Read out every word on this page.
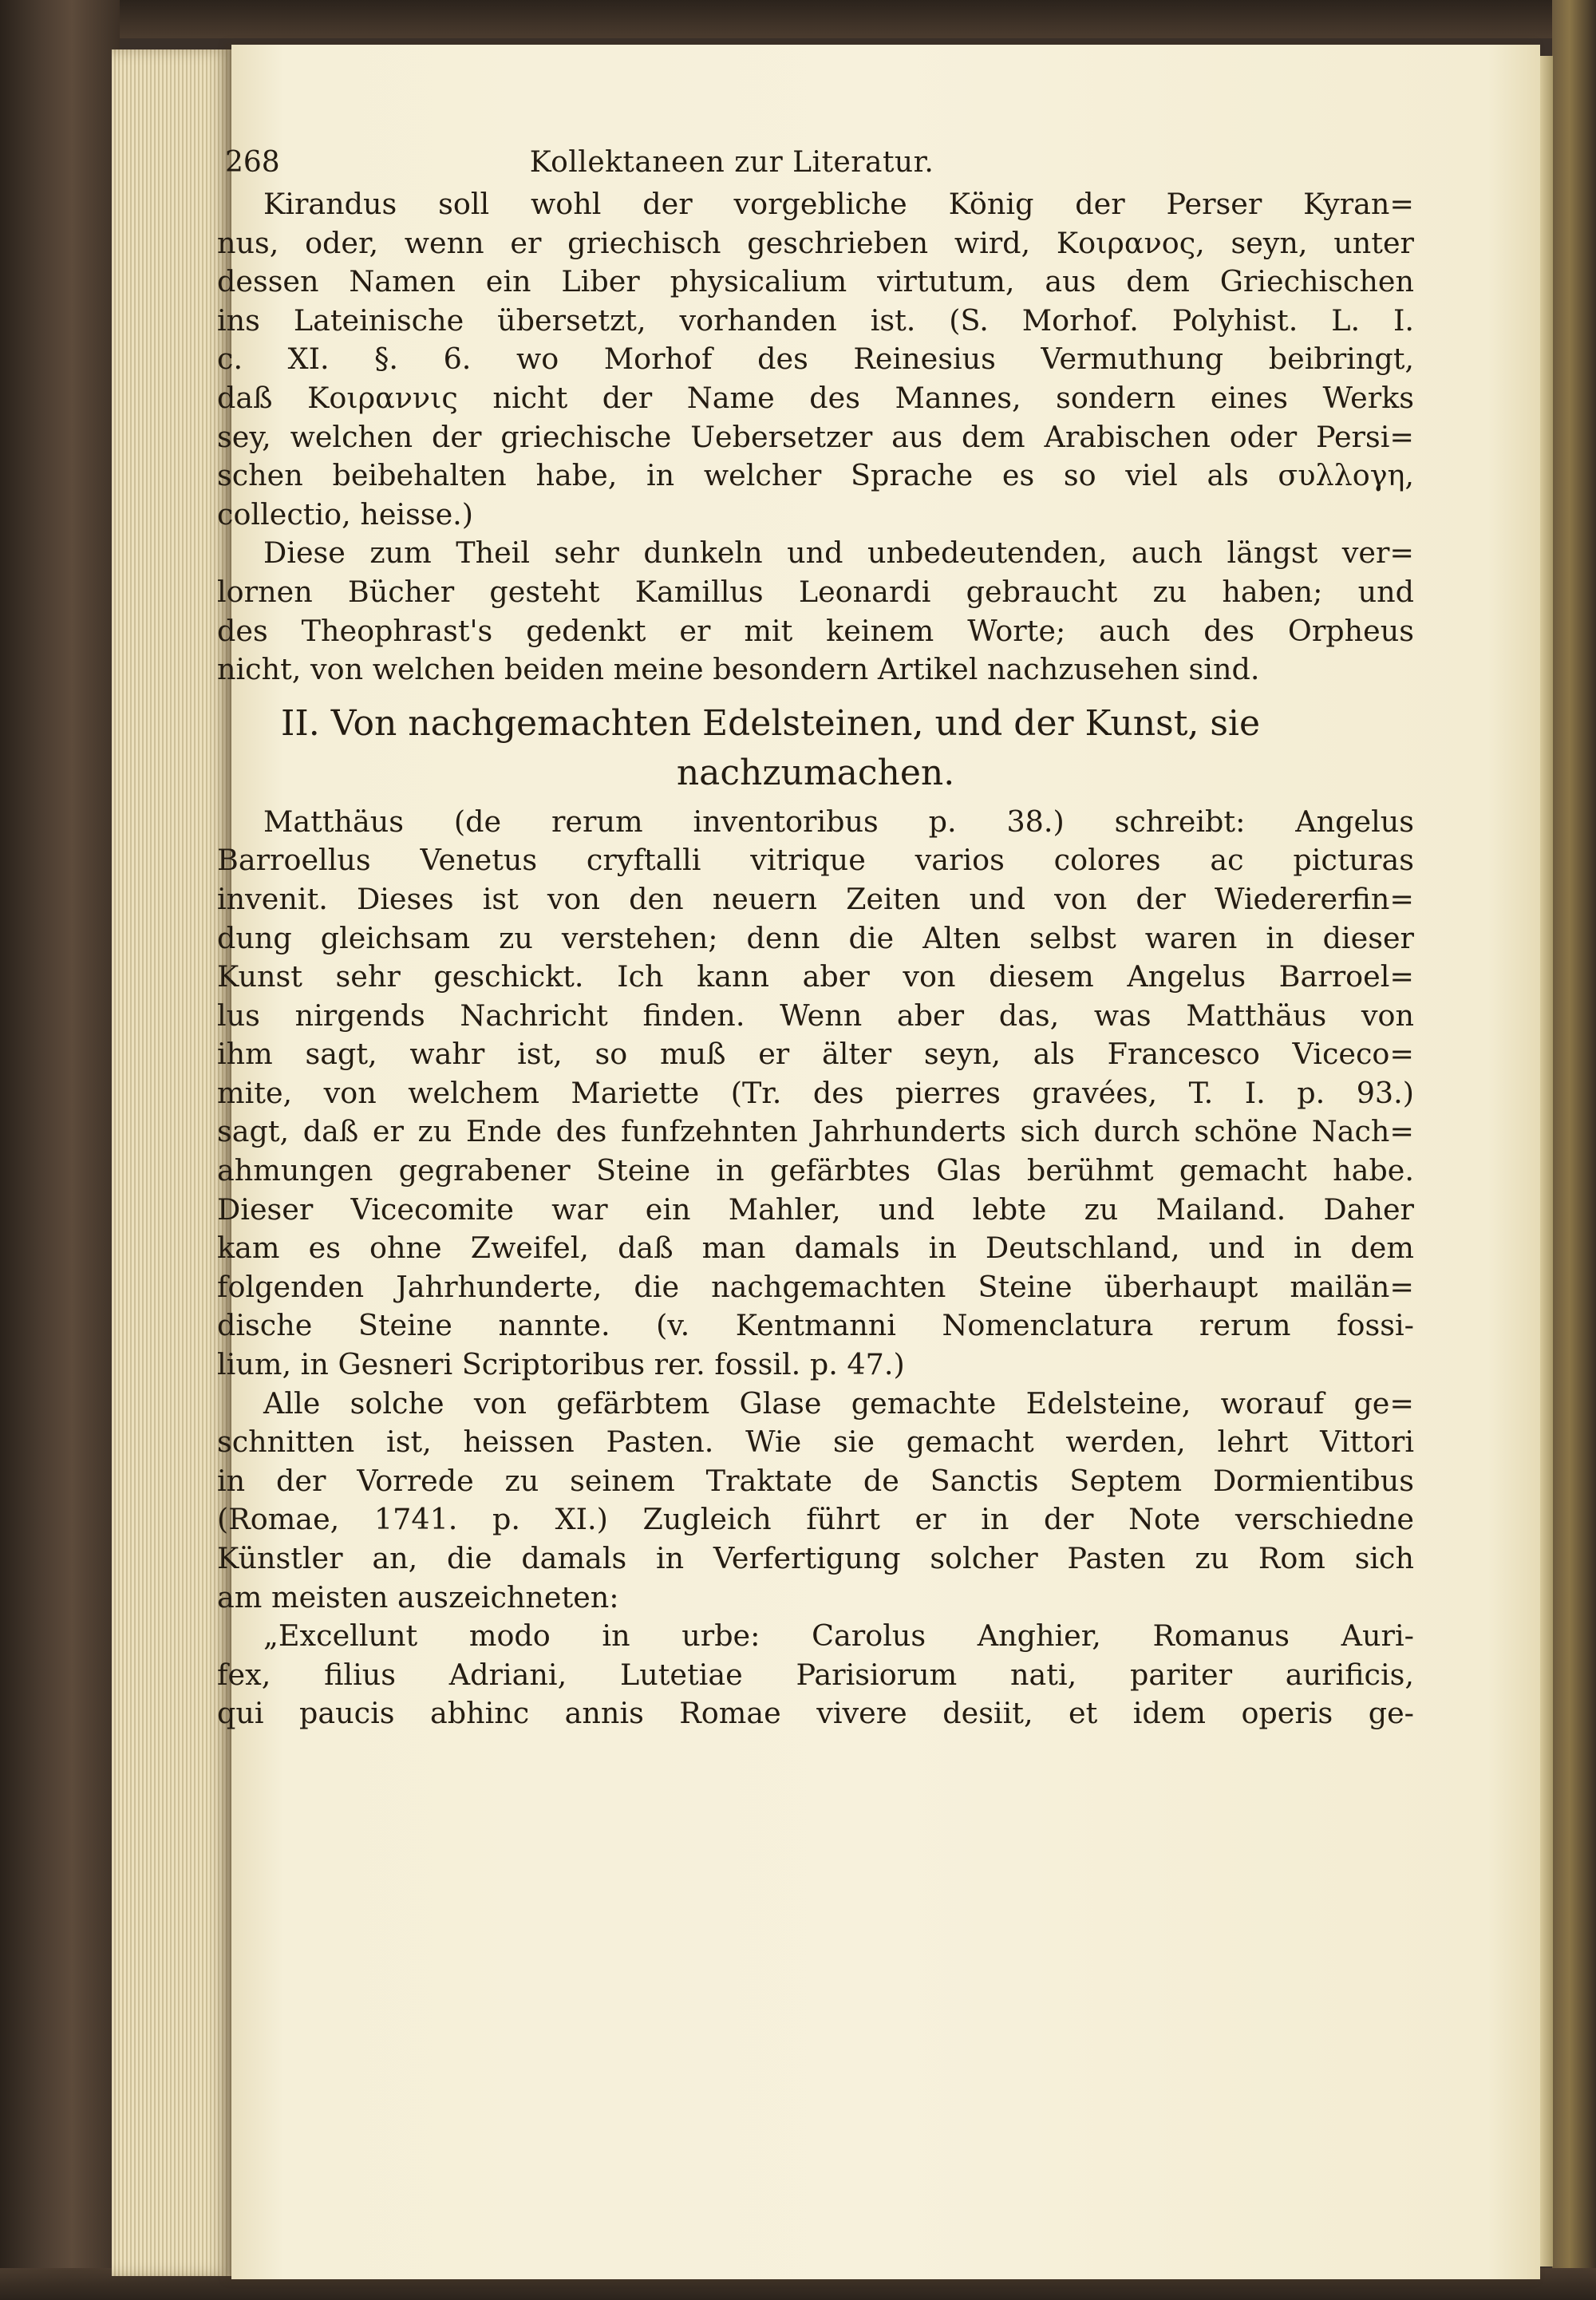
268	Kollektaneen zur Literatur.
Kirandus soll wohl der vorgebliche König der Perser Kyran=
nus, oder, wenn er griechisch geschrieben wird, Κοιρανος, seyn, unter
dessen Namen ein Liber physicalium virtutum, aus dem Griechischen
ins Lateinische übersetzt, vorhanden ist. (S. Morhof. Polyhist. L. I.
c. XI. §. 6. wo Morhof des Reinesius Vermuthung beibringt,
daß Κοιραννις nicht der Name des Mannes, sondern eines Werks
sey, welchen der griechische Uebersetzer aus dem Arabischen oder Persi=
schen beibehalten habe, in welcher Sprache es so viel als συλλογη,
collectio, heisse.)
Diese zum Theil sehr dunkeln und unbedeutenden, auch längst ver=
lornen Bücher gesteht Kamillus Leonardi gebraucht zu haben; und
des Theophrast's gedenkt er mit keinem Worte; auch des Orpheus
nicht, von welchen beiden meine besondern Artikel nachzusehen sind.
II. Von nachgemachten Edelsteinen, und der Kunst, sie
nachzumachen.
Matthäus (de rerum inventoribus p. 38.) schreibt: Angelus
Barroellus Venetus cryftalli vitrique varios colores ac picturas
invenit. Dieses ist von den neuern Zeiten und von der Wiedererfin=
dung gleichsam zu verstehen; denn die Alten selbst waren in dieser
Kunst sehr geschickt. Ich kann aber von diesem Angelus Barroel=
lus nirgends Nachricht finden. Wenn aber das, was Matthäus von
ihm sagt, wahr ist, so muß er älter seyn, als Francesco Viceco=
mite, von welchem Mariette (Tr. des pierres gravées, T. I. p. 93.)
sagt, daß er zu Ende des funfzehnten Jahrhunderts sich durch schöne Nach=
ahmungen gegrabener Steine in gefärbtes Glas berühmt gemacht habe.
Dieser Vicecomite war ein Mahler, und lebte zu Mailand. Daher
kam es ohne Zweifel, daß man damals in Deutschland, und in dem
folgenden Jahrhunderte, die nachgemachten Steine überhaupt mailän=
dische Steine nannte. (v. Kentmanni Nomenclatura rerum fossi-
lium, in Gesneri Scriptoribus rer. fossil. p. 47.)
Alle solche von gefärbtem Glase gemachte Edelsteine, worauf ge=
schnitten ist, heissen Pasten. Wie sie gemacht werden, lehrt Vittori
in der Vorrede zu seinem Traktate de Sanctis Septem Dormientibus
(Romae, 1741. p. XI.) Zugleich führt er in der Note verschiedne
Künstler an, die damals in Verfertigung solcher Pasten zu Rom sich
am meisten auszeichneten:
„Excellunt modo in urbe: Carolus Anghier, Romanus Auri-
fex, filius Adriani, Lutetiae Parisiorum nati, pariter aurificis,
qui paucis abhinc annis Romae vivere desiit, et idem operis ge-
